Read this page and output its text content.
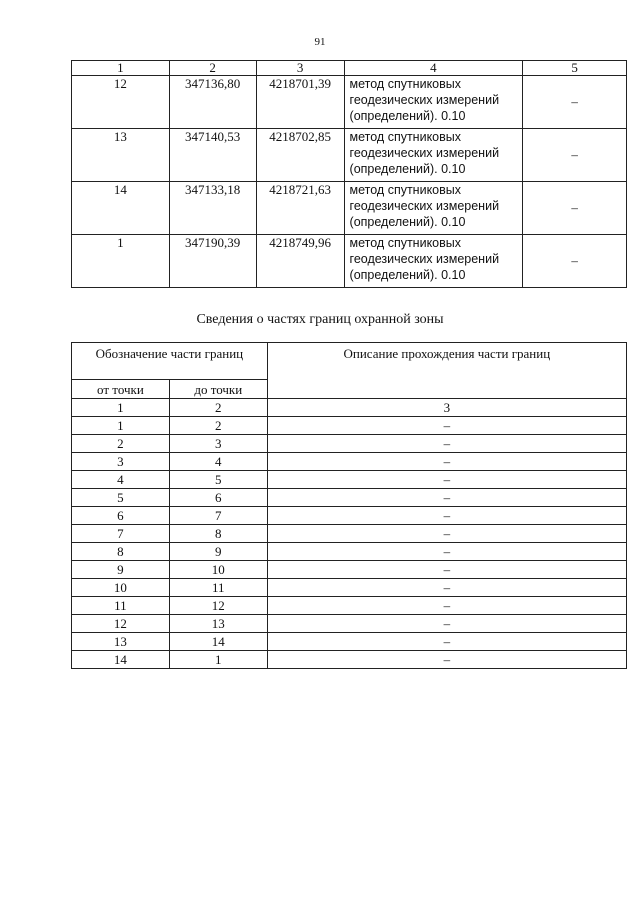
91
1	2	3	4	5
12	347136,80	4218701,39	метод спутниковых
геодезических измерений
(определений). 0.10	–
13	347140,53	4218702,85	метод спутниковых
геодезических измерений
(определений). 0.10	–
14	347133,18	4218721,63	метод спутниковых
геодезических измерений
(определений). 0.10	–
1	347190,39	4218749,96	метод спутниковых
геодезических измерений
(определений). 0.10	–
Сведения о частях границ охранной зоны
Обозначение части границ		Описание прохождения части границ
от точки	до точки	
1	2	3
1	2	–
2	3	–
3	4	–
4	5	–
5	6	–
6	7	–
7	8	–
8	9	–
9	10	–
10	11	–
11	12	–
12	13	–
13	14	–
14	1	–
